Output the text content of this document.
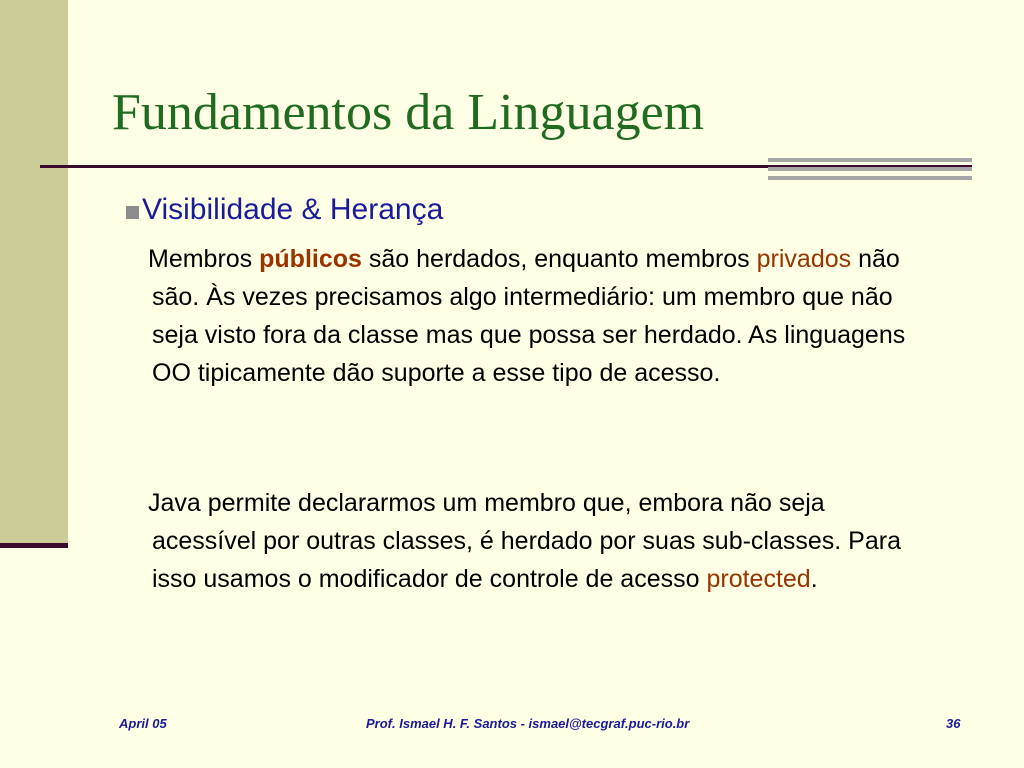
Fundamentos da Linguagem
Visibilidade & Herança

Membros públicos são herdados, enquanto membros privados não são. Às vezes precisamos algo intermediário: um membro que não seja visto fora da classe mas que possa ser herdado. As linguagens OO tipicamente dão suporte a esse tipo de acesso.

Java permite declararmos um membro que, embora não seja acessível por outras classes, é herdado por suas sub-classes. Para isso usamos o modificador de controle de acesso protected.

April 05	Prof. Ismael H. F. Santos - ismael@tecgraf.puc-rio.br	36
